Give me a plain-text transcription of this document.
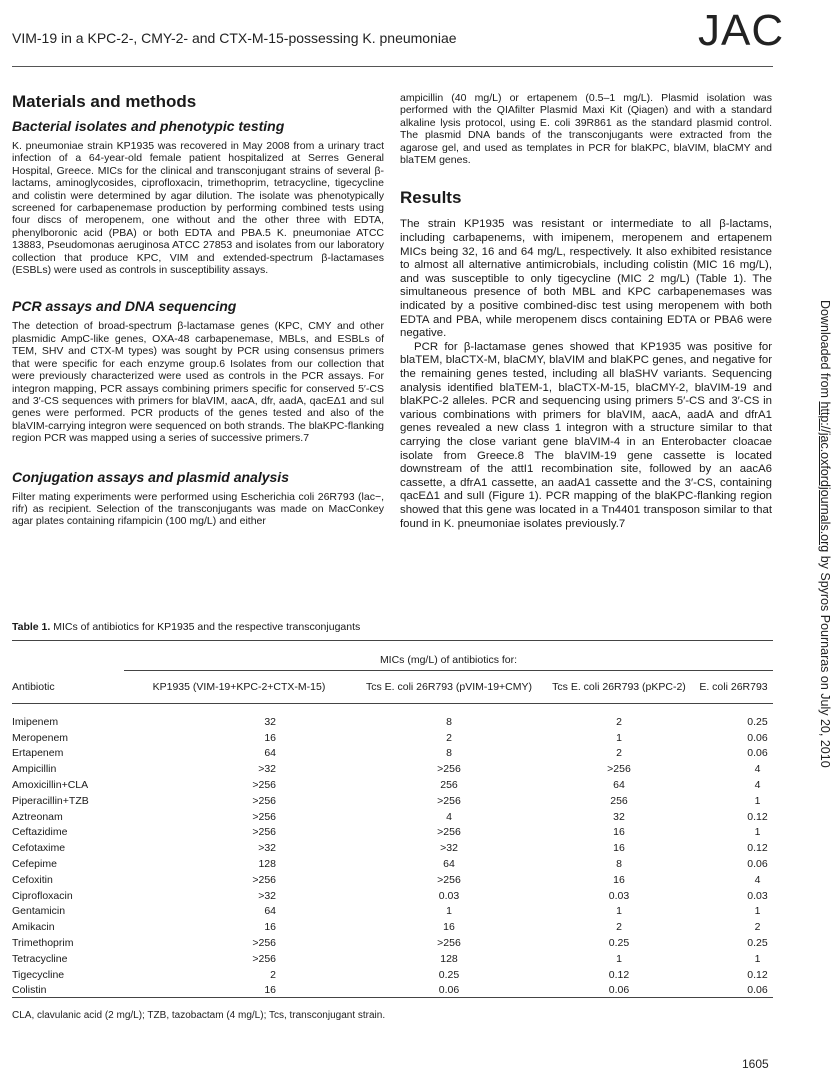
VIM-19 in a KPC-2-, CMY-2- and CTX-M-15-possessing K. pneumoniae	JAC
Materials and methods
Bacterial isolates and phenotypic testing

K. pneumoniae strain KP1935 was recovered in May 2008 from a urinary tract infection of a 64-year-old female patient hospitalized at Serres General Hospital, Greece. MICs for the clinical and transconjugant strains of several β-lactams, aminoglycosides, ciprofloxacin, trimethoprim, tetracycline, tigecycline and colistin were determined by agar dilution. The isolate was phenotypically screened for carbapenemase production by performing combined tests using four discs of meropenem, one without and the other three with EDTA, phenylboronic acid (PBA) or both EDTA and PBA.5 K. pneumoniae ATCC 13883, Pseudomonas aeruginosa ATCC 27853 and isolates from our laboratory collection that produce KPC, VIM and extended-spectrum β-lactamases (ESBLs) were used as controls in susceptibility assays.

PCR assays and DNA sequencing

The detection of broad-spectrum β-lactamase genes (KPC, CMY and other plasmidic AmpC-like genes, OXA-48 carbapenemase, MBLs, and ESBLs of TEM, SHV and CTX-M types) was sought by PCR using consensus primers that were specific for each enzyme group.6 Isolates from our collection that were previously characterized were used as controls in the PCR assays. For integron mapping, PCR assays combining primers specific for conserved 5′-CS and 3′-CS sequences with primers for blaVIM, aacA, dfr, aadA, qacEΔ1 and sul genes were performed. PCR products of the genes tested and also of the blaVIM-carrying integron were sequenced on both strands. The blaKPC-flanking region PCR was mapped using a series of successive primers.7

Conjugation assays and plasmid analysis

Filter mating experiments were performed using Escherichia coli 26R793 (lac−, rifr) as recipient. Selection of the transconjugants was made on MacConkey agar plates containing rifampicin (100 mg/L) and either

ampicillin (40 mg/L) or ertapenem (0.5–1 mg/L). Plasmid isolation was performed with the QIAfilter Plasmid Maxi Kit (Qiagen) and with a standard alkaline lysis protocol, using E. coli 39R861 as the standard plasmid control. The plasmid DNA bands of the transconjugants were extracted from the agarose gel, and used as templates in PCR for blaKPC, blaVIM, blaCMY and blaTEM genes.

Results

The strain KP1935 was resistant or intermediate to all β-lactams, including carbapenems, with imipenem, meropenem and ertapenem MICs being 32, 16 and 64 mg/L, respectively. It also exhibited resistance to almost all alternative antimicrobials, including colistin (MIC 16 mg/L), and was susceptible to only tigecycline (MIC 2 mg/L) (Table 1). The simultaneous presence of both MBL and KPC carbapenemases was indicated by a positive combined-disc test using meropenem with both EDTA and PBA, while meropenem discs containing EDTA or PBA6 were negative.

PCR for β-lactamase genes showed that KP1935 was positive for blaTEM, blaCTX-M, blaCMY, blaVIM and blaKPC genes, and negative for the remaining genes tested, including all blaSHV variants. Sequencing analysis identified blaTEM-1, blaCTX-M-15, blaCMY-2, blaVIM-19 and blaKPC-2 alleles. PCR and sequencing using primers 5′-CS and 3′-CS in various combinations with primers for blaVIM, aacA, aadA and dfrA1 genes revealed a new class 1 integron with a structure similar to that carrying the close variant gene blaVIM-4 in an Enterobacter cloacae isolate from Greece.8 The blaVIM-19 gene cassette is located downstream of the attI1 recombination site, followed by an aacA6 cassette, a dfrA1 cassette, an aadA1 cassette and the 3′-CS, containing qacEΔ1 and sulI (Figure 1). PCR mapping of the blaKPC-flanking region showed that this gene was located in a Tn4401 transposon similar to that found in K. pneumoniae isolates previously.7

Downloaded from http://jac.oxfordjournals.org by Spyros Pournaras on July 20, 2010
Table 1. MICs of antibiotics for KP1935 and the respective transconjugants
	MICs (mg/L) of antibiotics for:			
Antibiotic	KP1935 (VIM-19+KPC-2+CTX-M-15)	Tcs E. coli 26R793 (pVIM-19+CMY)	Tcs E. coli 26R793 (pKPC-2)	E. coli 26R793

Imipenem	32	8	2	0.25
Meropenem	16	2	1	0.06
Ertapenem	64	8	2	0.06
Ampicillin	>32	>256	>256	4
Amoxicillin+CLA	>256	256	64	4
Piperacillin+TZB	>256	>256	256	1
Aztreonam	>256	4	32	0.12
Ceftazidime	>256	>256	16	1
Cefotaxime	>32	>32	16	0.12
Cefepime	128	64	8	0.06
Cefoxitin	>256	>256	16	4
Ciprofloxacin	>32	0.03	0.03	0.03
Gentamicin	64	1	1	1
Amikacin	16	16	2	2
Trimethoprim	>256	>256	0.25	0.25
Tetracycline	>256	128	1	1
Tigecycline	2	0.25	0.12	0.12
Colistin	16	0.06	0.06	0.06
CLA, clavulanic acid (2 mg/L); TZB, tazobactam (4 mg/L); Tcs, transconjugant strain.
1605
